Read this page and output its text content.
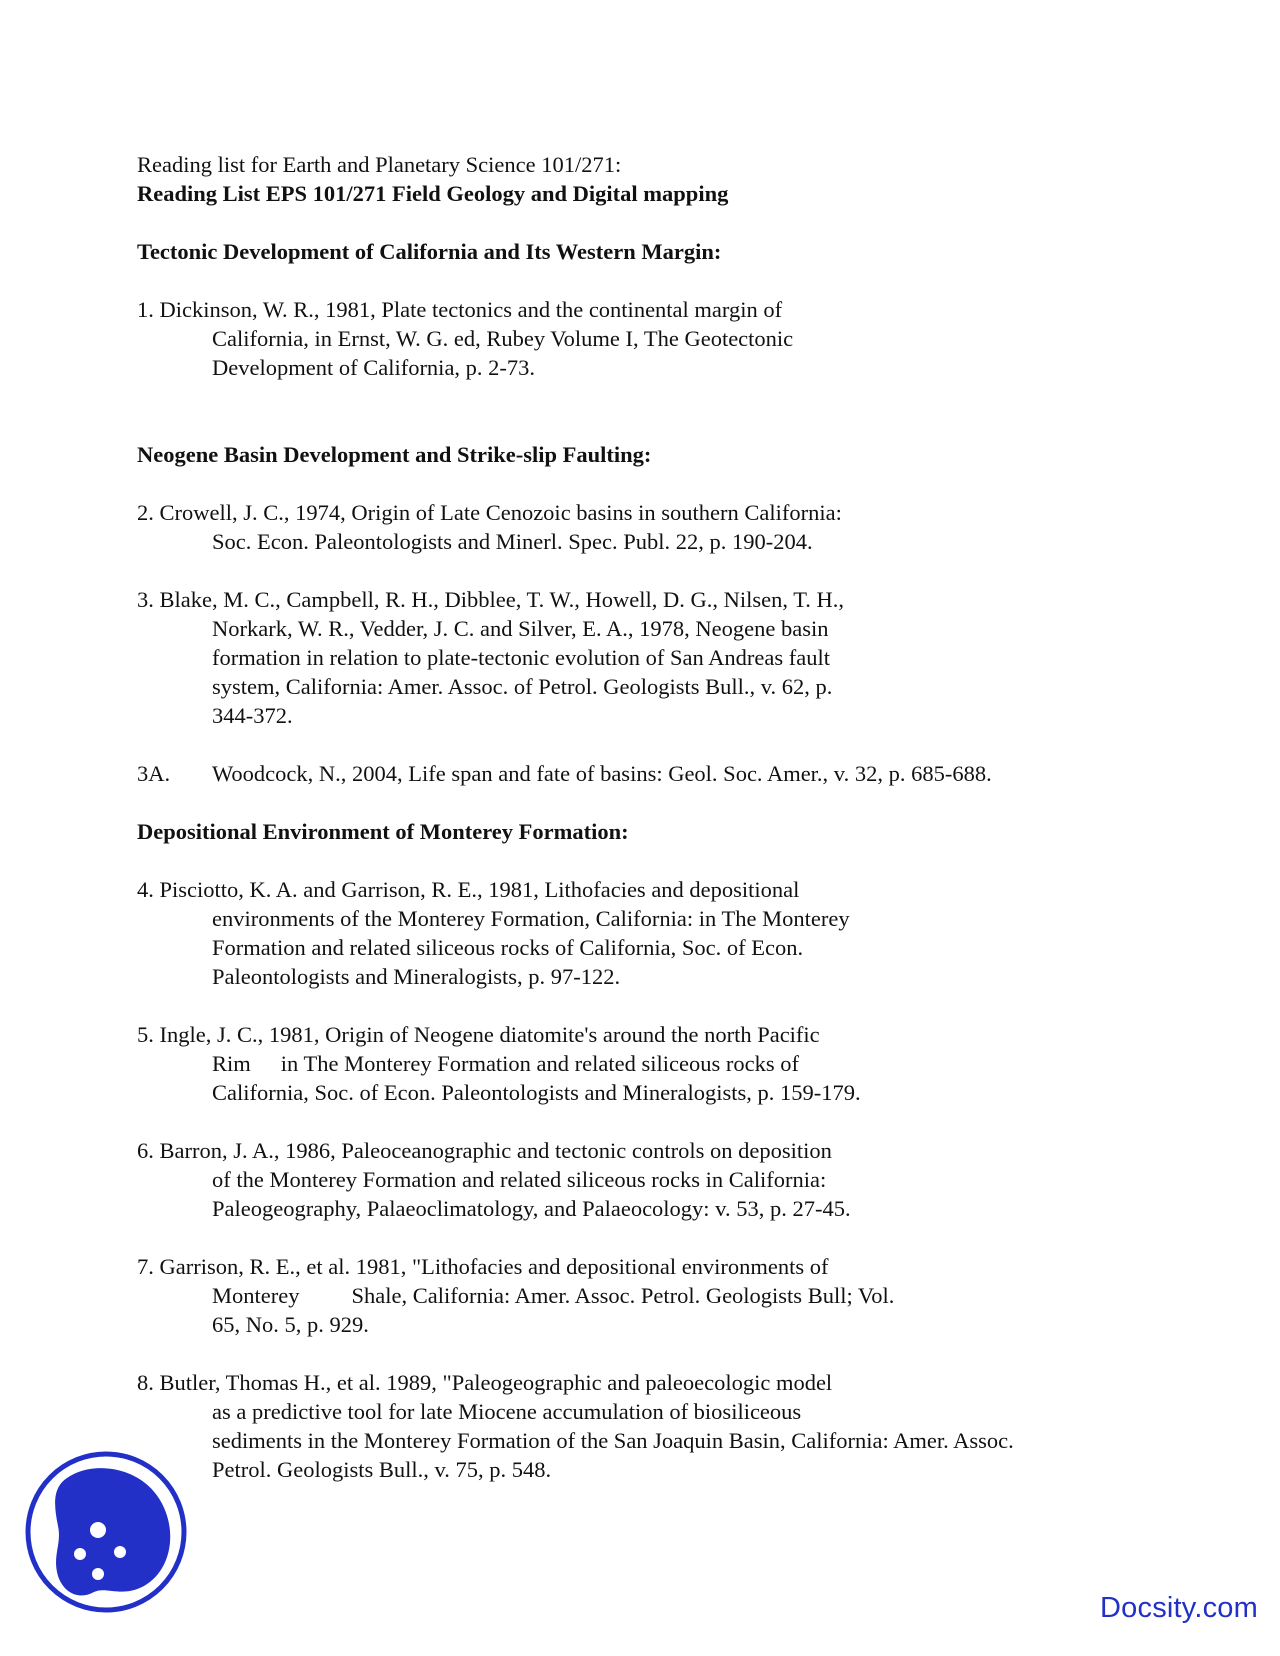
Reading list for Earth and Planetary Science 101/271:
Reading List EPS 101/271 Field Geology and Digital mapping
Tectonic Development of California and Its Western Margin:
1. Dickinson, W. R., 1981, Plate tectonics and the continental margin of
California, in Ernst, W. G. ed, Rubey Volume I, The Geotectonic
Development of California, p. 2-73.
Neogene Basin Development and Strike-slip Faulting:
2. Crowell, J. C., 1974, Origin of Late Cenozoic basins in southern California:
Soc. Econ. Paleontologists and Minerl. Spec. Publ. 22, p. 190-204.
3. Blake, M. C., Campbell, R. H., Dibblee, T. W., Howell, D. G., Nilsen, T. H.,
Norkark, W. R., Vedder, J. C. and Silver, E. A., 1978, Neogene basin
formation in relation to plate-tectonic evolution of San Andreas fault
system, California: Amer. Assoc. of Petrol. Geologists Bull., v. 62, p.
344-372.
3A. Woodcock, N., 2004, Life span and fate of basins: Geol. Soc. Amer., v. 32, p. 685-688.
Depositional Environment of Monterey Formation:
4. Pisciotto, K. A. and Garrison, R. E., 1981, Lithofacies and depositional
environments of the Monterey Formation, California: in The Monterey
Formation and related siliceous rocks of California, Soc. of Econ.
Paleontologists and Mineralogists, p. 97-122.
5. Ingle, J. C., 1981, Origin of Neogene diatomite's around the north Pacific
Rim in The Monterey Formation and related siliceous rocks of
California, Soc. of Econ. Paleontologists and Mineralogists, p. 159-179.
6. Barron, J. A., 1986, Paleoceanographic and tectonic controls on deposition
of the Monterey Formation and related siliceous rocks in California:
Paleogeography, Palaeoclimatology, and Palaeocology: v. 53, p. 27-45.
7. Garrison, R. E., et al. 1981, "Lithofacies and depositional environments of
Monterey Shale, California: Amer. Assoc. Petrol. Geologists Bull; Vol.
65, No. 5, p. 929.
8. Butler, Thomas H., et al. 1989, "Paleogeographic and paleoecologic model
as a predictive tool for late Miocene accumulation of biosiliceous
sediments in the Monterey Formation of the San Joaquin Basin, California: Amer. Assoc.
Petrol. Geologists Bull., v. 75, p. 548.
Docsity.com
